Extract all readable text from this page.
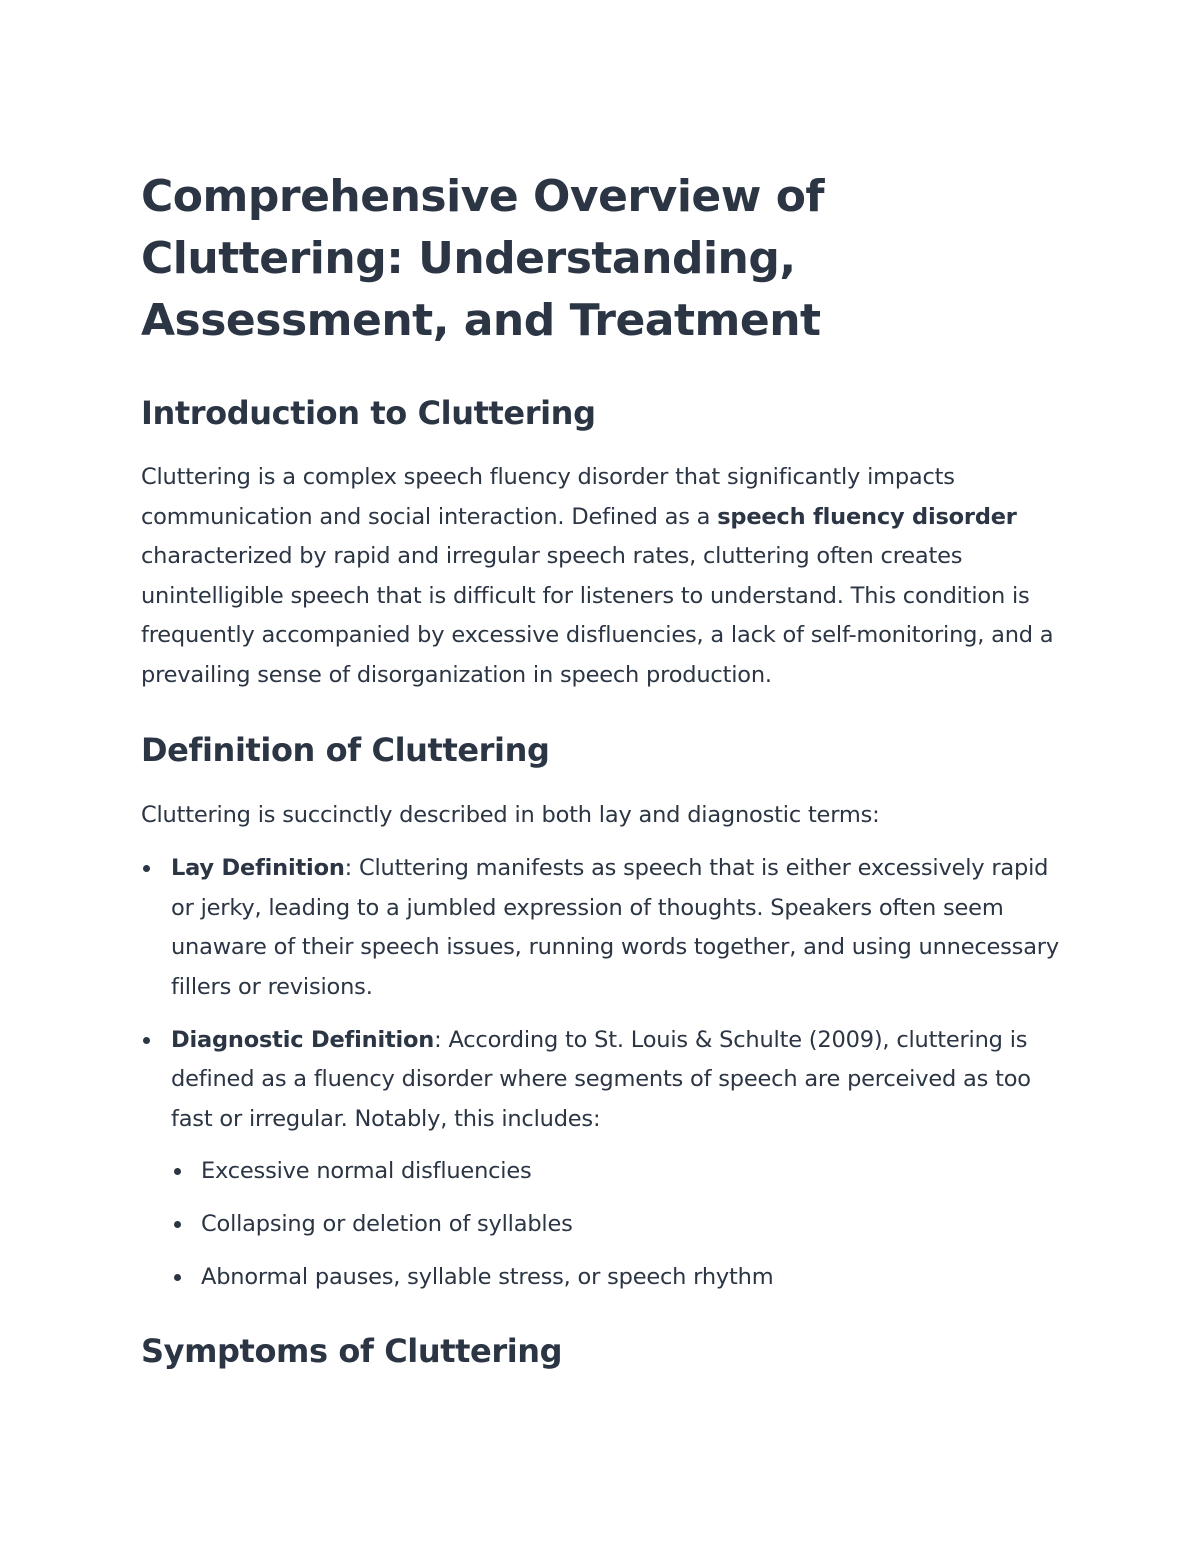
Comprehensive Overview of Cluttering: Understanding, Assessment, and Treatment
Introduction to Cluttering

Cluttering is a complex speech fluency disorder that significantly impacts communication and social interaction. Defined as a speech fluency disorder characterized by rapid and irregular speech rates, cluttering often creates unintelligible speech that is difficult for listeners to understand. This condition is frequently accompanied by excessive disfluencies, a lack of self-monitoring, and a prevailing sense of disorganization in speech production.

Definition of Cluttering

Cluttering is succinctly described in both lay and diagnostic terms:

Lay Definition: Cluttering manifests as speech that is either excessively rapid or jerky, leading to a jumbled expression of thoughts. Speakers often seem unaware of their speech issues, running words together, and using unnecessary fillers or revisions.
Diagnostic Definition: According to St. Louis & Schulte (2009), cluttering is defined as a fluency disorder where segments of speech are perceived as too fast or irregular. Notably, this includes:
Excessive normal disfluencies
Collapsing or deletion of syllables
Abnormal pauses, syllable stress, or speech rhythm
Symptoms of Cluttering
